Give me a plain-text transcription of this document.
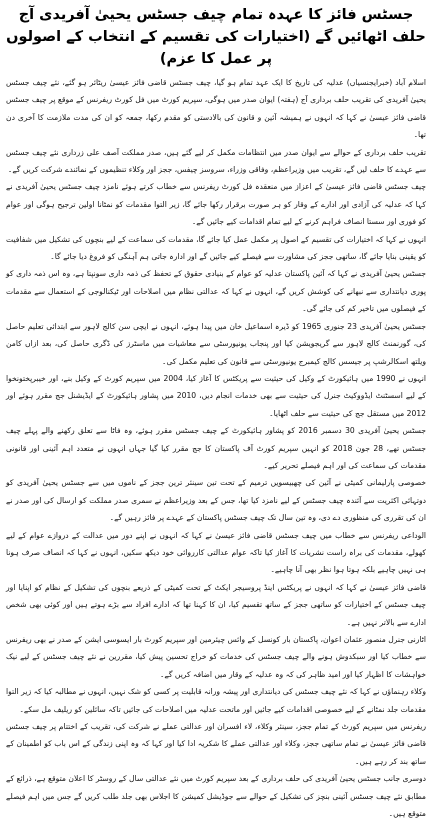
جسٹس فائز کا عہدہ تمام چیف جسٹس یحییٰ آفریدی آج حلف اٹھائیں گے (اختیارات کی تقسیم کے انتخاب کے اصولوں پر عمل کا عزم)
اسلام آباد (خبرایجنسیاں) عدلیہ کی تاریخ کا ایک عہد تمام ہو گیا، چیف جسٹس قاضی فائز عیسیٰ ریٹائر ہو گئے، نئے چیف جسٹس یحییٰ آفریدی کی تقریب حلف برداری آج (ہفتہ) ایوان صدر میں ہوگی، سپریم کورٹ میں فل کورٹ ریفرنس کے موقع پر چیف جسٹس قاضی فائز عیسیٰ نے کہا کہ انہوں نے ہمیشہ آئین و قانون کی بالادستی کو مقدم رکھا، جمعہ کو ان کی مدت ملازمت کا آخری دن تھا۔
تقریب حلف برداری کے حوالے سے ایوان صدر میں انتظامات مکمل کر لیے گئے ہیں، صدر مملکت آصف علی زرداری نئے چیف جسٹس سے عہدے کا حلف لیں گے، تقریب میں وزیراعظم، وفاقی وزراء، سروسز چیفس، ججز اور وکلاء تنظیموں کے نمائندے شرکت کریں گے۔
چیف جسٹس قاضی فائز عیسیٰ کے اعزاز میں منعقدہ فل کورٹ ریفرنس سے خطاب کرتے ہوئے نامزد چیف جسٹس یحییٰ آفریدی نے کہا کہ عدلیہ کی آزادی اور ادارے کے وقار کو ہر صورت برقرار رکھا جائے گا، زیر التوا مقدمات کو نمٹانا اولین ترجیح ہوگی اور عوام کو فوری اور سستا انصاف فراہم کرنے کے لیے تمام اقدامات کیے جائیں گے۔
انہوں نے کہا کہ اختیارات کی تقسیم کے اصول پر مکمل عمل کیا جائے گا، مقدمات کی سماعت کے لیے بنچوں کی تشکیل میں شفافیت کو یقینی بنایا جائے گا، ساتھی ججز کی مشاورت سے فیصلے کیے جائیں گے اور ادارہ جاتی ہم آہنگی کو فروغ دیا جائے گا۔
جسٹس یحییٰ آفریدی نے کہا کہ آئین پاکستان عدلیہ کو عوام کے بنیادی حقوق کے تحفظ کی ذمہ داری سونپتا ہے، وہ اس ذمہ داری کو پوری دیانتداری سے نبھانے کی کوشش کریں گے، انہوں نے کہا کہ عدالتی نظام میں اصلاحات اور ٹیکنالوجی کے استعمال سے مقدمات کے فیصلوں میں تاخیر کم کی جائے گی۔
جسٹس یحییٰ آفریدی 23 جنوری 1965 کو ڈیرہ اسماعیل خان میں پیدا ہوئے، انہوں نے ایچی سن کالج لاہور سے ابتدائی تعلیم حاصل کی، گورنمنٹ کالج لاہور سے گریجویشن کیا اور پنجاب یونیورسٹی سے معاشیات میں ماسٹرز کی ڈگری حاصل کی، بعد ازاں کامن ویلتھ اسکالرشپ پر جیسس کالج کیمبرج یونیورسٹی سے قانون کی تعلیم مکمل کی۔
انہوں نے 1990 میں ہائیکورٹ کے وکیل کی حیثیت سے پریکٹس کا آغاز کیا، 2004 میں سپریم کورٹ کے وکیل بنے، اور خیبرپختونخوا کے لیے اسسٹنٹ ایڈووکیٹ جنرل کی حیثیت سے بھی خدمات انجام دیں، 2010 میں پشاور ہائیکورٹ کے ایڈیشنل جج مقرر ہوئے اور 2012 میں مستقل جج کی حیثیت سے حلف اٹھایا۔
جسٹس یحییٰ آفریدی 30 دسمبر 2016 کو پشاور ہائیکورٹ کے چیف جسٹس مقرر ہوئے، وہ فاٹا سے تعلق رکھنے والے پہلے چیف جسٹس تھے، 28 جون 2018 کو انہیں سپریم کورٹ آف پاکستان کا جج مقرر کیا گیا جہاں انہوں نے متعدد اہم آئینی اور قانونی مقدمات کی سماعت کی اور اہم فیصلے تحریر کیے۔
خصوصی پارلیمانی کمیٹی نے آئین کی چھبیسویں ترمیم کے تحت تین سینئر ترین ججز کے ناموں میں سے جسٹس یحییٰ آفریدی کو دوتہائی اکثریت سے آئندہ چیف جسٹس کے لیے نامزد کیا تھا، جس کے بعد وزیراعظم نے سمری صدر مملکت کو ارسال کی اور صدر نے ان کی تقرری کی منظوری دے دی، وہ تین سال تک چیف جسٹس پاکستان کے عہدے پر فائز رہیں گے۔
الوداعی ریفرنس سے خطاب میں چیف جسٹس قاضی فائز عیسیٰ نے کہا کہ انہوں نے اپنے دور میں عدالت کے دروازے عوام کے لیے کھولے، مقدمات کی براہ راست نشریات کا آغاز کیا تاکہ عوام عدالتی کارروائی خود دیکھ سکیں، انہوں نے کہا کہ انصاف صرف ہونا ہی نہیں چاہیے بلکہ ہوتا ہوا نظر بھی آنا چاہیے۔
قاضی فائز عیسیٰ نے کہا کہ انہوں نے پریکٹس اینڈ پروسیجر ایکٹ کے تحت کمیٹی کے ذریعے بنچوں کی تشکیل کے نظام کو اپنایا اور چیف جسٹس کے اختیارات کو ساتھی ججز کے ساتھ تقسیم کیا، ان کا کہنا تھا کہ ادارے افراد سے بڑے ہوتے ہیں اور کوئی بھی شخص ادارے سے بالاتر نہیں ہے۔
اٹارنی جنرل منصور عثمان اعوان، پاکستان بار کونسل کے وائس چیئرمین اور سپریم کورٹ بار ایسوسی ایشن کے صدر نے بھی ریفرنس سے خطاب کیا اور سبکدوش ہونے والے چیف جسٹس کی خدمات کو خراج تحسین پیش کیا، مقررین نے نئے چیف جسٹس کے لیے نیک خواہشات کا اظہار کیا اور امید ظاہر کی کہ وہ عدلیہ کے وقار میں اضافہ کریں گے۔
وکلاء رہنماؤں نے کہا کہ نئے چیف جسٹس کی دیانتداری اور پیشہ ورانہ قابلیت پر کسی کو شک نہیں، انہوں نے مطالبہ کیا کہ زیر التوا مقدمات جلد نمٹانے کے لیے خصوصی اقدامات کیے جائیں اور ماتحت عدلیہ میں اصلاحات کی جائیں تاکہ سائلین کو ریلیف مل سکے۔
ریفرنس میں سپریم کورٹ کے تمام ججز، سینئر وکلاء، لاء افسران اور عدالتی عملے نے شرکت کی، تقریب کے اختتام پر چیف جسٹس قاضی فائز عیسیٰ نے تمام ساتھی ججز، وکلاء اور عدالتی عملے کا شکریہ ادا کیا اور کہا کہ وہ اپنی زندگی کے اس باب کو اطمینان کے ساتھ بند کر رہے ہیں۔
دوسری جانب جسٹس یحییٰ آفریدی کی حلف برداری کے بعد سپریم کورٹ میں نئے عدالتی سال کے روسٹر کا اعلان متوقع ہے، ذرائع کے مطابق نئے چیف جسٹس آئینی بنچز کی تشکیل کے حوالے سے جوڈیشل کمیشن کا اجلاس بھی جلد طلب کریں گے جس میں اہم فیصلے متوقع ہیں۔
